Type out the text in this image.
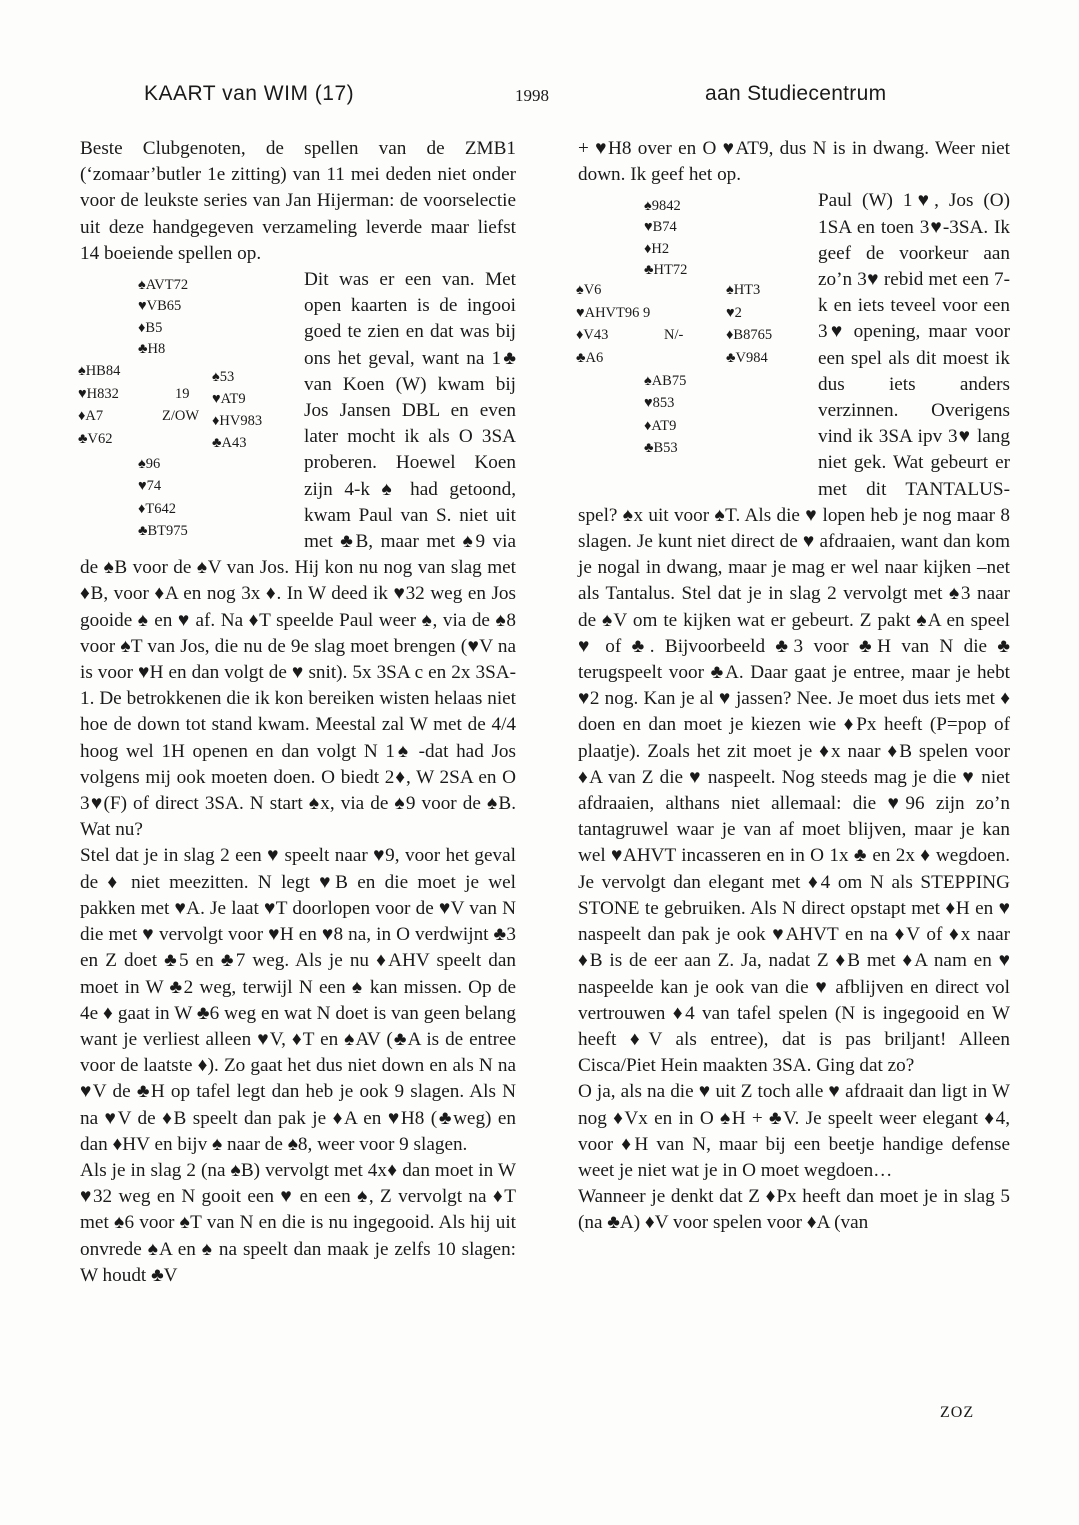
KAART van WIM (17)	1998	aan Studiecentrum

Beste Clubgenoten, de spellen van de ZMB1 (‘zomaar’butler 1e zitting) van 11 mei deden niet onder voor de leukste series van Jan Hijerman: de voorselectie uit deze handgegeven verzameling leverde maar liefst 14 boeiende spellen op.

♠AVT72
♥VB65
♦B5
♣H8
♠HB84
♥H832
♦A7
♣V62
♠53
♥AT9
♦HV983
♣A43
19
Z/OW
♠96
♥74
♦T642
♣BT975

Dit was er een van. Met open kaarten is de ingooi goed te zien en dat was bij ons het geval, want na 1♣ van Koen (W) kwam bij Jos Jansen DBL en even later mocht ik als O 3SA proberen. Hoewel Koen zijn 4-k ♠ had getoond, kwam Paul van S. niet uit met ♣B, maar met ♠9 via de ♠B voor de ♠V van Jos. Hij kon nu nog van slag met ♦B, voor ♦A en nog 3x ♦. In W deed ik ♥32 weg en Jos gooide ♠ en ♥ af. Na ♦T speelde Paul weer ♠, via de ♠8 voor ♠T van Jos, die nu de 9e slag moet brengen (♥V na is voor ♥H en dan volgt de ♥ snit). 5x 3SA c en 2x 3SA-1. De betrokkenen die ik kon bereiken wisten helaas niet hoe de down tot stand kwam. Meestal zal W met de 4/4 hoog wel 1H openen en dan volgt N 1♠ -dat had Jos volgens mij ook moeten doen. O biedt 2♦, W 2SA en O 3♥(F) of direct 3SA. N start ♠x, via de ♠9 voor de ♠B. Wat nu?

Stel dat je in slag 2 een ♥ speelt naar ♥9, voor het geval de ♦ niet meezitten. N legt ♥B en die moet je wel pakken met ♥A. Je laat ♥T doorlopen voor de ♥V van N die met ♥ vervolgt voor ♥H en ♥8 na, in O verdwijnt ♣3 en Z doet ♣5 en ♣7 weg. Als je nu ♦AHV speelt dan moet in W ♣2 weg, terwijl N een ♠ kan missen. Op de 4e ♦ gaat in W ♣6 weg en wat N doet is van geen belang want je verliest alleen ♥V, ♦T en ♠AV (♣A is de entree voor de laatste ♦). Zo gaat het dus niet down en als N na ♥V de ♣H op tafel legt dan heb je ook 9 slagen. Als N na ♥V de ♦B speelt dan pak je ♦A en ♥H8 (♣weg) en dan ♦HV en bijv ♠ naar de ♠8, weer voor 9 slagen.

Als je in slag 2 (na ♠B) vervolgt met 4x♦ dan moet in W ♥32 weg en N gooit een ♥ en een ♠, Z vervolgt na ♦T met ♠6 voor ♠T van N en die is nu ingegooid. Als hij uit onvrede ♠A en ♠ na speelt dan maak je zelfs 10 slagen: W houdt ♣V

+ ♥H8 over en O ♥AT9, dus N is in dwang. Weer niet down. Ik geef het op.

♠9842
♥B74
♦H2
♣HT72
♠V6
♥AHVT96 9
♦V43
♣A6
♠HT3
♥2
♦B8765
♣V984
N/-
♠AB75
♥853
♦AT9
♣B53

Paul (W) 1♥, Jos (O) 1SA en toen 3♥-3SA. Ik geef de voorkeur aan zo’n 3♥ rebid met een 7-k en iets teveel voor een 3♥ opening, maar voor een spel als dit moest ik dus iets anders verzinnen. Overigens vind ik 3SA ipv 3♥ lang niet gek. Wat gebeurt er met dit TANTALUS-spel? ♠x uit voor ♠T. Als die ♥ lopen heb je nog maar 8 slagen. Je kunt niet direct de ♥ afdraaien, want dan kom je nogal in dwang, maar je mag er wel naar kijken –net als Tantalus. Stel dat je in slag 2 vervolgt met ♠3 naar de ♠V om te kijken wat er gebeurt. Z pakt ♠A en speel ♥ of ♣. Bijvoorbeeld ♣3 voor ♣H van N die ♣ terugspeelt voor ♣A. Daar gaat je entree, maar je hebt ♥2 nog. Kan je al ♥ jassen? Nee. Je moet dus iets met ♦ doen en dan moet je kiezen wie ♦Px heeft (P=pop of plaatje). Zoals het zit moet je ♦x naar ♦B spelen voor ♦A van Z die ♥ naspeelt. Nog steeds mag je die ♥ niet afdraaien, althans niet allemaal: die ♥96 zijn zo’n tantagruwel waar je van af moet blijven, maar je kan wel ♥AHVT incasseren en in O 1x ♣ en 2x ♦ wegdoen. Je vervolgt dan elegant met ♦4 om N als STEPPING STONE te gebruiken. Als N direct opstapt met ♦H en ♥ naspeelt dan pak je ook ♥AHVT en na ♦V of ♦x naar ♦B is de eer aan Z. Ja, nadat Z ♦B met ♦A nam en ♥ naspeelde kan je ook van die ♥ afblijven en direct vol vertrouwen ♦4 van tafel spelen (N is ingegooid en W heeft ♦V als entree), dat is pas briljant! Alleen Cisca/Piet Hein maakten 3SA. Ging dat zo?

O ja, als na die ♥ uit Z toch alle ♥ afdraait dan ligt in W nog ♦Vx en in O ♠H + ♣V. Je speelt weer elegant ♦4, voor ♦H van N, maar bij een beetje handige defense weet je niet wat je in O moet wegdoen…

Wanneer je denkt dat Z ♦Px heeft dan moet je in slag 5 (na ♣A) ♦V voor spelen voor ♦A (van

ZOZ
